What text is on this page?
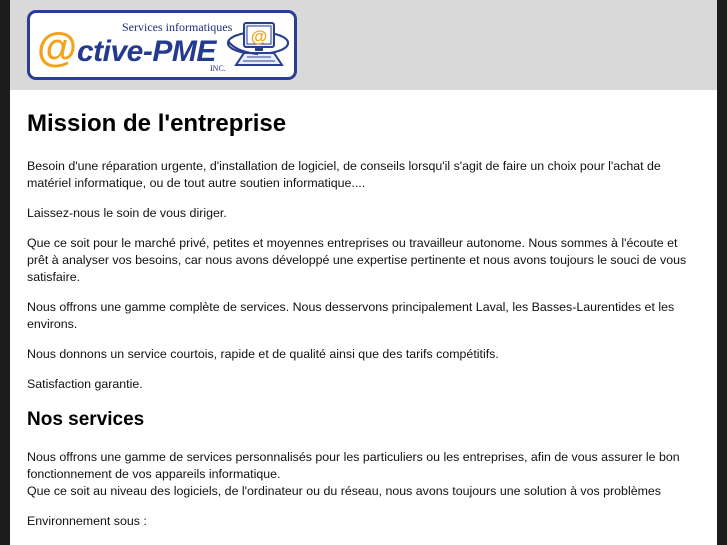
Services informatiques
@ctive-PME
INC.
@
Mission de l'entreprise

Besoin d'une réparation urgente, d'installation de logiciel, de conseils lorsqu'il s'agit de faire un choix pour l'achat de matériel informatique, ou de tout autre soutien informatique....

Laissez-nous le soin de vous diriger.

Que ce soit pour le marché privé, petites et moyennes entreprises ou travailleur autonome. Nous sommes à l'écoute et prêt à analyser vos besoins, car nous avons développé une expertise pertinente et nous avons toujours le souci de vous satisfaire.

Nous offrons une gamme complète de services. Nous desservons principalement Laval, les Basses-Laurentides et les environs.

Nous donnons un service courtois, rapide et de qualité ainsi que des tarifs compétitifs.

Satisfaction garantie.

Nos services

Nous offrons une gamme de services personnalisés pour les particuliers ou les entreprises, afin de vous assurer le bon fonctionnement de vos appareils informatique.

Que ce soit au niveau des logiciels, de l'ordinateur ou du réseau, nous avons toujours une solution à vos problèmes

Environnement sous :
